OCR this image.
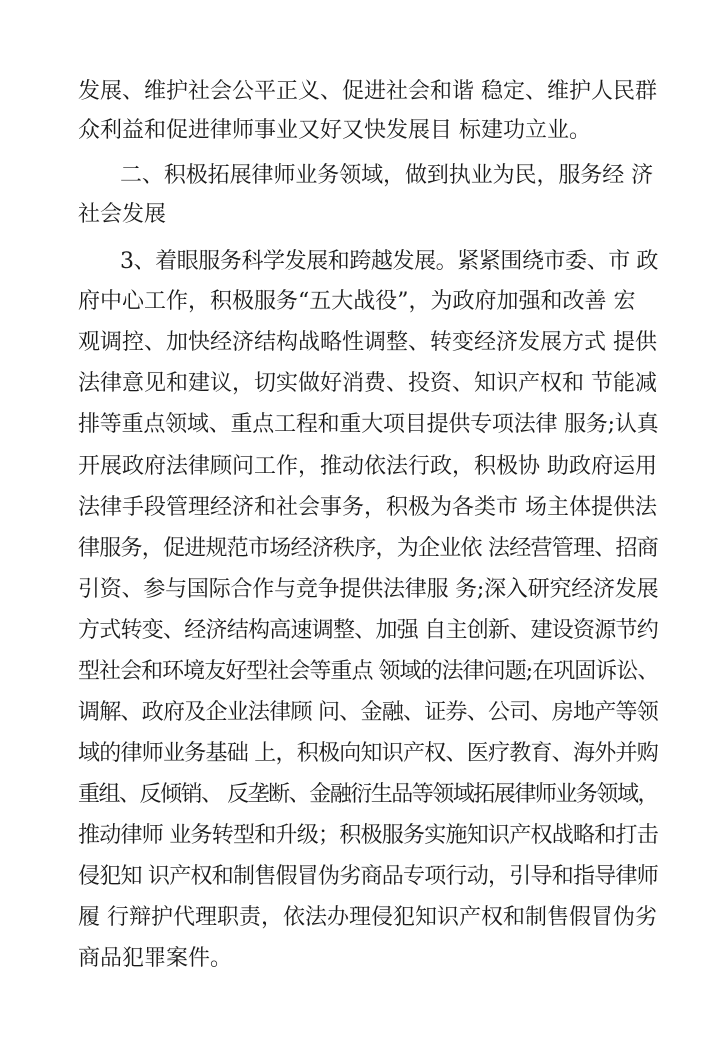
发展、维护社会公平正义、促进社会和谐 稳定、维护人民群
众利益和促进律师事业又好又快发展目 标建功立业。
二、积极拓展律师业务领域，做到执业为民，服务经 济
社会发展
3、着眼服务科学发展和跨越发展。紧紧围绕市委、市 政
府中心工作，积极服务“五大战役”，为政府加强和改善 宏
观调控、加快经济结构战略性调整、转变经济发展方式 提供
法律意见和建议，切实做好消费、投资、知识产权和 节能减
排等重点领域、重点工程和重大项目提供专项法律 服务;认真
开展政府法律顾问工作，推动依法行政，积极协 助政府运用
法律手段管理经济和社会事务，积极为各类市 场主体提供法
律服务，促进规范市场经济秩序，为企业依 法经营管理、招商
引资、参与国际合作与竞争提供法律服 务;深入研究经济发展
方式转变、经济结构高速调整、加强 自主创新、建设资源节约
型社会和环境友好型社会等重点 领域的法律问题;在巩固诉讼、
调解、政府及企业法律顾 问、金融、证券、公司、房地产等领
域的律师业务基础 上，积极向知识产权、医疗教育、海外并购
重组、反倾销、 反垄断、金融衍生品等领域拓展律师业务领域，
推动律师 业务转型和升级；积极服务实施知识产权战略和打击
侵犯知 识产权和制售假冒伪劣商品专项行动，引导和指导律师
履 行辩护代理职责，依法办理侵犯知识产权和制售假冒伪劣
商品犯罪案件。
